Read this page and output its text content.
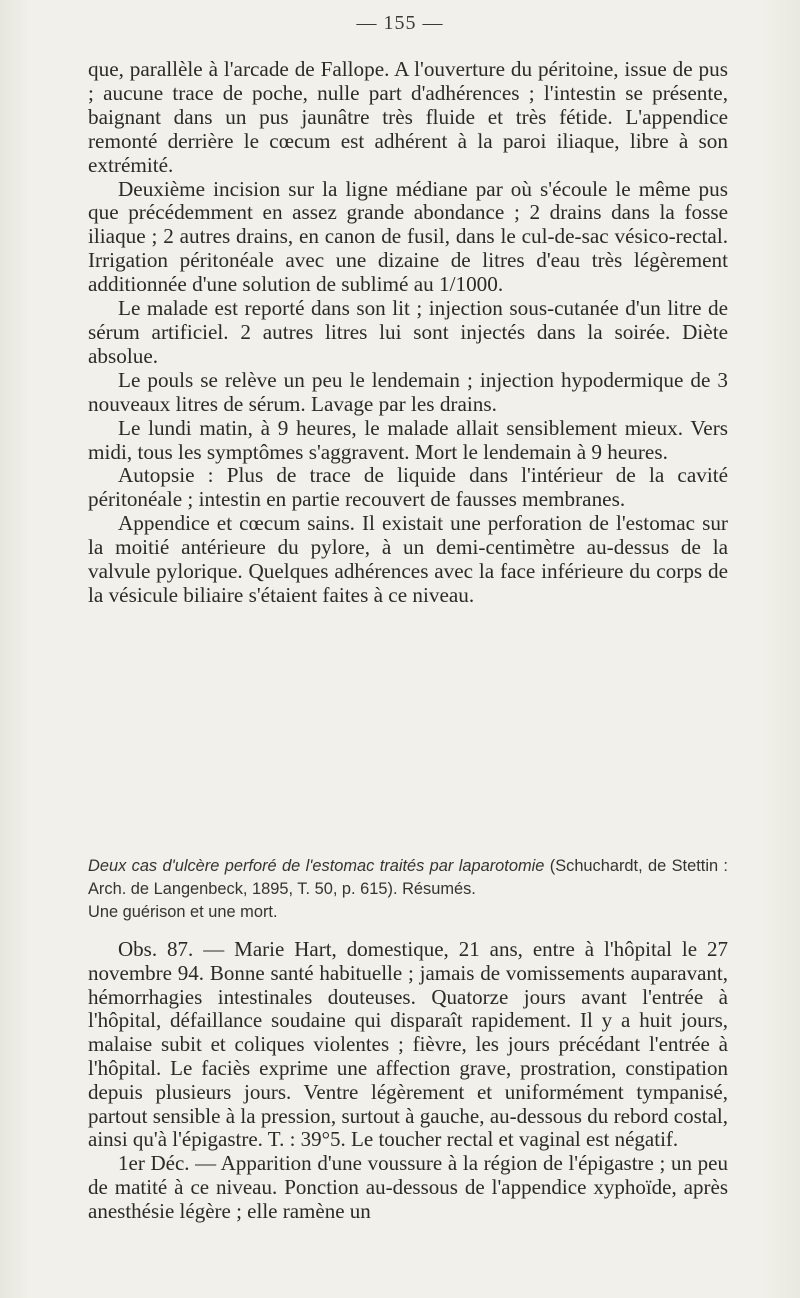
— 155 —

que, parallèle à l'arcade de Fallope. A l'ouverture du péritoine, issue de pus ; aucune trace de poche, nulle part d'adhérences ; l'intestin se présente, baignant dans un pus jaunâtre très fluide et très fétide. L'appendice remonté derrière le cœcum est adhérent à la paroi iliaque, libre à son extrémité.

Deuxième incision sur la ligne médiane par où s'écoule le même pus que précédemment en assez grande abondance ; 2 drains dans la fosse iliaque ; 2 autres drains, en canon de fusil, dans le cul-de-sac vésico-rectal. Irrigation péritonéale avec une dizaine de litres d'eau très légèrement additionnée d'une solution de sublimé au 1/1000.

Le malade est reporté dans son lit ; injection sous-cutanée d'un litre de sérum artificiel. 2 autres litres lui sont injectés dans la soirée. Diète absolue.

Le pouls se relève un peu le lendemain ; injection hypodermique de 3 nouveaux litres de sérum. Lavage par les drains.

Le lundi matin, à 9 heures, le malade allait sensiblement mieux. Vers midi, tous les symptômes s'aggravent. Mort le lendemain à 9 heures.

Autopsie : Plus de trace de liquide dans l'intérieur de la cavité péritonéale ; intestin en partie recouvert de fausses membranes.

Appendice et cœcum sains. Il existait une perforation de l'estomac sur la moitié antérieure du pylore, à un demi-centimètre au-dessus de la valvule pylorique. Quelques adhérences avec la face inférieure du corps de la vésicule biliaire s'étaient faites à ce niveau.

Deux cas d'ulcère perforé de l'estomac traités par laparotomie (Schuchardt, de Stettin : Arch. de Langenbeck, 1895, T. 50, p. 615). Résumés.
Une guérison et une mort.

Obs. 87. — Marie Hart, domestique, 21 ans, entre à l'hôpital le 27 novembre 94. Bonne santé habituelle ; jamais de vomissements auparavant, hémorrhagies intestinales douteuses. Quatorze jours avant l'entrée à l'hôpital, défaillance soudaine qui disparaît rapidement. Il y a huit jours, malaise subit et coliques violentes ; fièvre, les jours précédant l'entrée à l'hôpital. Le faciès exprime une affection grave, prostration, constipation depuis plusieurs jours. Ventre légèrement et uniformément tympanisé, partout sensible à la pression, surtout à gauche, au-dessous du rebord costal, ainsi qu'à l'épigastre. T. : 39°5. Le toucher rectal et vaginal est négatif.

1er Déc. — Apparition d'une voussure à la région de l'épigastre ; un peu de matité à ce niveau. Ponction au-dessous de l'appendice xyphoïde, après anesthésie légère ; elle ramène un
